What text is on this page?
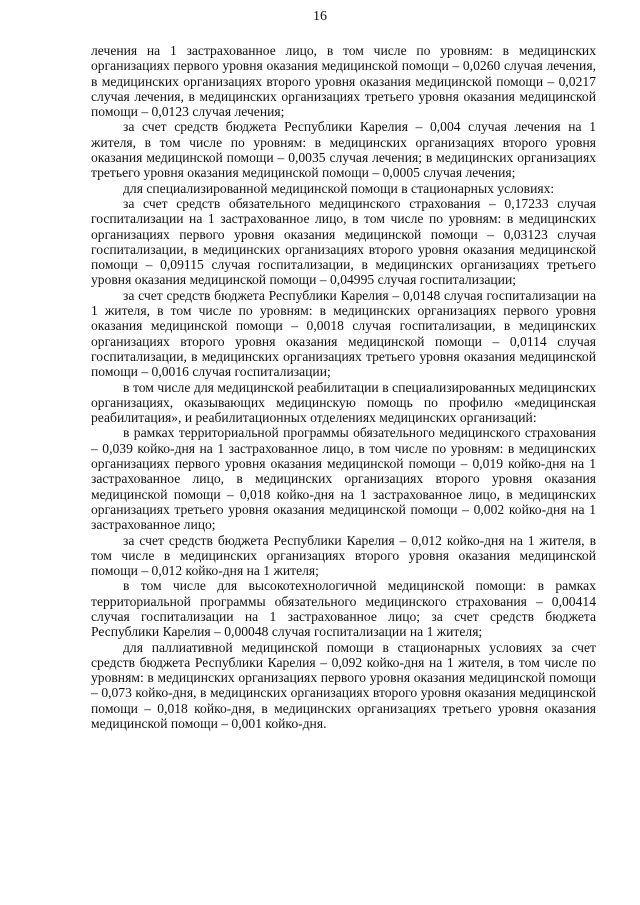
16

лечения на 1 застрахованное лицо, в том числе по уровням: в медицинских организациях первого уровня оказания медицинской помощи – 0,0260 случая лечения, в медицинских организациях второго уровня оказания медицинской помощи – 0,0217 случая лечения, в медицинских организациях третьего уровня оказания медицинской помощи – 0,0123 случая лечения;

за счет средств бюджета Республики Карелия – 0,004 случая лечения на 1 жителя, в том числе по уровням: в медицинских организациях второго уровня оказания медицинской помощи – 0,0035 случая лечения; в медицинских организациях третьего уровня оказания медицинской помощи – 0,0005 случая лечения;

для специализированной медицинской помощи в стационарных условиях:

за счет средств обязательного медицинского страхования – 0,17233 случая госпитализации на 1 застрахованное лицо, в том числе по уровням: в медицинских организациях первого уровня оказания медицинской помощи – 0,03123 случая госпитализации, в медицинских организациях второго уровня оказания медицинской помощи – 0,09115 случая госпитализации, в медицинских организациях третьего уровня оказания медицинской помощи – 0,04995 случая госпитализации;

за счет средств бюджета Республики Карелия – 0,0148 случая госпитализации на 1 жителя, в том числе по уровням: в медицинских организациях первого уровня оказания медицинской помощи – 0,0018 случая госпитализации, в медицинских организациях второго уровня оказания медицинской помощи – 0,0114 случая госпитализации, в медицинских организациях третьего уровня оказания медицинской помощи – 0,0016 случая госпитализации;

в том числе для медицинской реабилитации в специализированных медицинских организациях, оказывающих медицинскую помощь по профилю «медицинская реабилитация», и реабилитационных отделениях медицинских организаций:

в рамках территориальной программы обязательного медицинского страхования – 0,039 койко-дня на 1 застрахованное лицо, в том числе по уровням: в медицинских организациях первого уровня оказания медицинской помощи – 0,019 койко-дня на 1 застрахованное лицо, в медицинских организациях второго уровня оказания медицинской помощи – 0,018 койко-дня на 1 застрахованное лицо, в медицинских организациях третьего уровня оказания медицинской помощи – 0,002 койко-дня на 1 застрахованное лицо;

за счет средств бюджета Республики Карелия – 0,012 койко-дня на 1 жителя, в том числе в медицинских организациях второго уровня оказания медицинской помощи – 0,012 койко-дня на 1 жителя;

в том числе для высокотехнологичной медицинской помощи: в рамках территориальной программы обязательного медицинского страхования – 0,00414 случая госпитализации на 1 застрахованное лицо; за счет средств бюджета Республики Карелия – 0,00048 случая госпитализации на 1 жителя;

для паллиативной медицинской помощи в стационарных условиях за счет средств бюджета Республики Карелия – 0,092 койко-дня на 1 жителя, в том числе по уровням: в медицинских организациях первого уровня оказания медицинской помощи – 0,073 койко-дня, в медицинских организациях второго уровня оказания медицинской помощи – 0,018 койко-дня, в медицинских организациях третьего уровня оказания медицинской помощи – 0,001 койко-дня.
